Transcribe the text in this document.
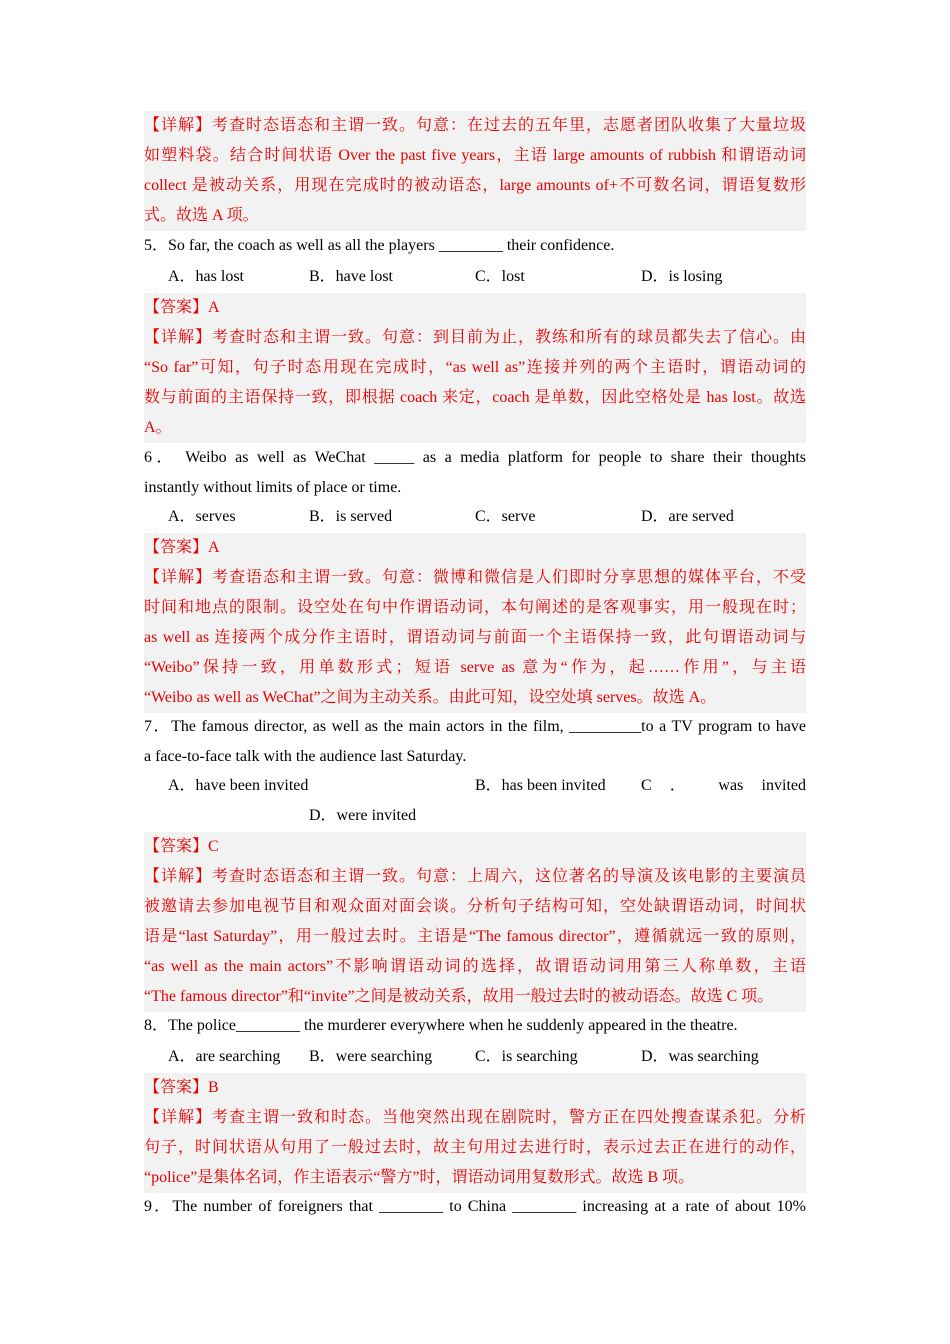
【详解】考查时态语态和主谓一致。句意：在过去的五年里，志愿者团队收集了大量垃圾
如塑料袋。结合时间状语 Over the past five years，主语 large amounts of rubbish 和谓语动词
collect 是被动关系，用现在完成时的被动语态，large amounts of+不可数名词，谓语复数形
式。故选 A 项。
5．So far, the coach as well as all the players ________ their confidence.
A．has lost	B．have lost	C．lost	D．is losing
【答案】A
【详解】考查时态和主谓一致。句意：到目前为止，教练和所有的球员都失去了信心。由
“So far”可知，句子时态用现在完成时，“as well as”连接并列的两个主语时，谓语动词的
数与前面的主语保持一致，即根据 coach 来定，coach 是单数，因此空格处是 has lost。故选
A。
6． Weibo as well as WeChat _____ as a media platform for people to share their thoughts
instantly without limits of place or time.
A．serves	B．is served	C．serve	D．are served
【答案】A
【详解】考查语态和主谓一致。句意：微博和微信是人们即时分享思想的媒体平台，不受
时间和地点的限制。设空处在句中作谓语动词，本句阐述的是客观事实，用一般现在时；
as well as 连接两个成分作主语时，谓语动词与前面一个主语保持一致，此句谓语动词与
“Weibo”保持一致，用单数形式；短语 serve as 意为“作为，起……作用”，与主语
“Weibo as well as WeChat”之间为主动关系。由此可知，设空处填 serves。故选 A。
7．The famous director, as well as the main actors in the film, _________to a TV program to have
a face-to-face talk with the audience last Saturday.
A．have been invited	B．has been invited C ． was invited
D．were invited
【答案】C
【详解】考查时态语态和主谓一致。句意：上周六，这位著名的导演及该电影的主要演员
被邀请去参加电视节目和观众面对面会谈。分析句子结构可知，空处缺谓语动词，时间状
语是“last Saturday”，用一般过去时。主语是“The famous director”，遵循就远一致的原则，
“as well as the main actors”不影响谓语动词的选择，故谓语动词用第三人称单数，主语
“The famous director”和“invite”之间是被动关系，故用一般过去时的被动语态。故选 C 项。
8．The police________ the murderer everywhere when he suddenly appeared in the theatre.
A．are searching B．were searching	C．is searching	D．was searching
【答案】B
【详解】考查主谓一致和时态。当他突然出现在剧院时，警方正在四处搜查谋杀犯。分析
句子，时间状语从句用了一般过去时，故主句用过去进行时，表示过去正在进行的动作，
“police”是集体名词，作主语表示“警方”时，谓语动词用复数形式。故选 B 项。
9．The number of foreigners that ________ to China ________ increasing at a rate of about 10%
